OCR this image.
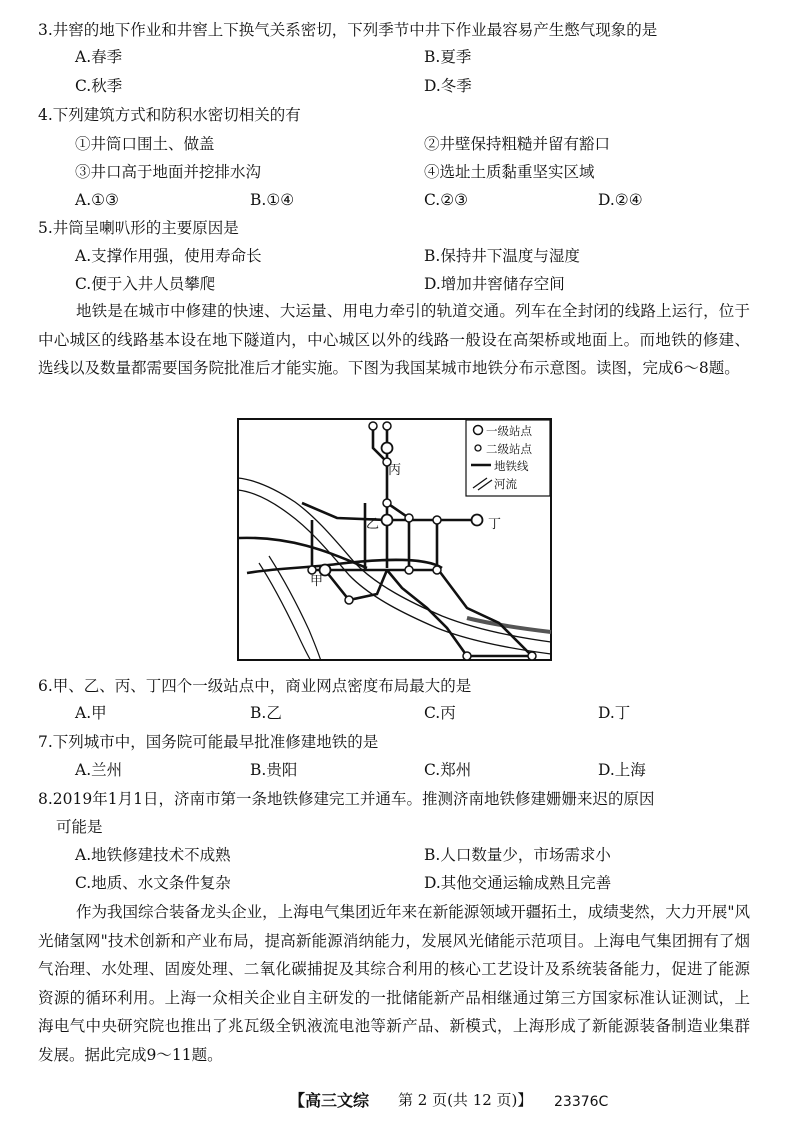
3.井窖的地下作业和井窖上下换气关系密切，下列季节中井下作业最容易产生憋气现象的是
A.春季	B.夏季
C.秋季	D.冬季
4.下列建筑方式和防积水密切相关的有
①井筒口围土、做盖	②井壁保持粗糙并留有豁口
③井口高于地面并挖排水沟	④选址土质黏重坚实区域
A.①③	B.①④	C.②③	D.②④
5.井筒呈喇叭形的主要原因是
A.支撑作用强，使用寿命长	B.保持井下温度与湿度
C.便于入井人员攀爬	D.增加井窖储存空间
地铁是在城市中修建的快速、大运量、用电力牵引的轨道交通。列车在全封闭的线路上运行，位于中心城区的线路基本设在地下隧道内，中心城区以外的线路一般设在高架桥或地面上。而地铁的修建、选线以及数量都需要国务院批准后才能实施。下图为我国某城市地铁分布示意图。读图，完成6～8题。
丙
乙	丁
甲
一级站点
二级站点
地铁线
河流
6.甲、乙、丙、丁四个一级站点中，商业网点密度布局最大的是
A.甲	B.乙	C.丙	D.丁
7.下列城市中，国务院可能最早批准修建地铁的是
A.兰州	B.贵阳	C.郑州	D.上海
8.2019年1月1日，济南市第一条地铁修建完工并通车。推测济南地铁修建姗姗来迟的原因
可能是
A.地铁修建技术不成熟	B.人口数量少，市场需求小
C.地质、水文条件复杂	D.其他交通运输成熟且完善
作为我国综合装备龙头企业，上海电气集团近年来在新能源领域开疆拓土，成绩斐然，大力开展"风光储氢网"技术创新和产业布局，提高新能源消纳能力，发展风光储能示范项目。上海电气集团拥有了烟气治理、水处理、固废处理、二氧化碳捕捉及其综合利用的核心工艺设计及系统装备能力，促进了能源资源的循环利用。上海一众相关企业自主研发的一批储能新产品相继通过第三方国家标准认证测试，上海电气中央研究院也推出了兆瓦级全钒液流电池等新产品、新模式，上海形成了新能源装备制造业集群发展。据此完成9～11题。
【高三文综 第 2 页(共 12 页)】 23376C
